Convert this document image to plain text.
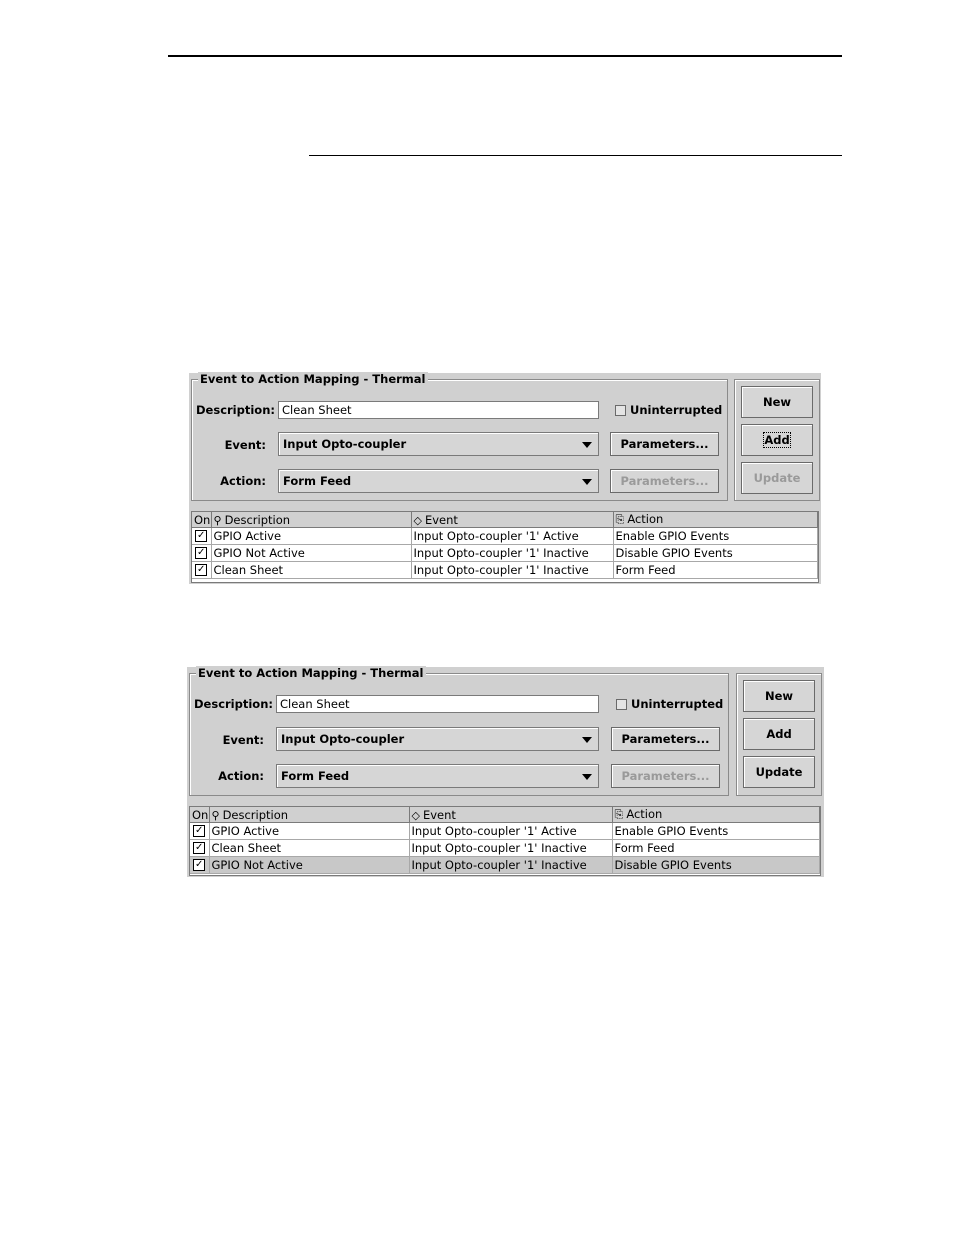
Event to Action Mapping - Thermal
Description: Clean Sheet	Uninterrupted
Event:	Input Opto-coupler	Parameters...
Action:	Form Feed	Parameters...
New
Add
Update
On	⚲ Description	◇ Event	⎘ Action
✓	GPIO Active	Input Opto-coupler '1' Active	Enable GPIO Events
✓	GPIO Not Active	Input Opto-coupler '1' Inactive	Disable GPIO Events
✓	Clean Sheet	Input Opto-coupler '1' Inactive	Form Feed
Event to Action Mapping - Thermal
Description: Clean Sheet	Uninterrupted
Event:	Input Opto-coupler	Parameters...
Action:	Form Feed	Parameters...
New
Add
Update
On	⚲ Description	◇ Event	⎘ Action
✓	GPIO Active	Input Opto-coupler '1' Active	Enable GPIO Events
✓	Clean Sheet	Input Opto-coupler '1' Inactive	Form Feed
✓	GPIO Not Active	Input Opto-coupler '1' Inactive	Disable GPIO Events
